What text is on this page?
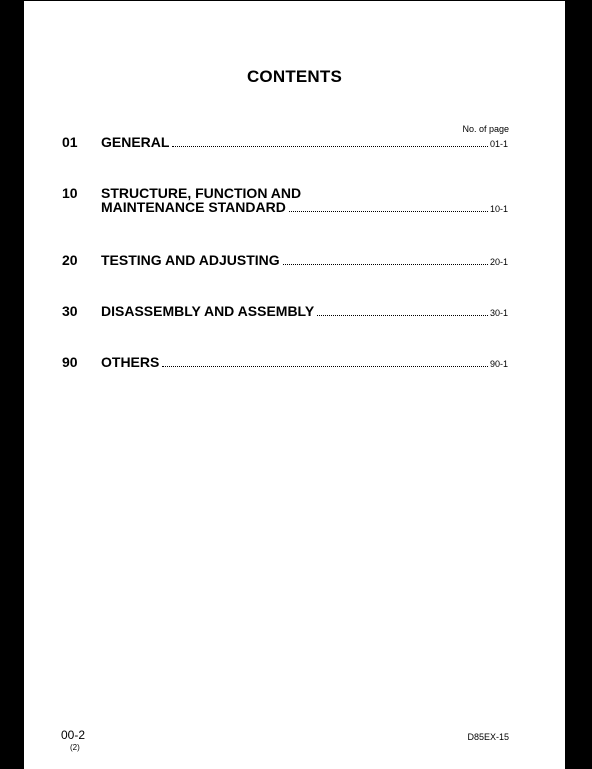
CONTENTS
No. of page
01 GENERAL	01-1
10 STRUCTURE, FUNCTION AND
MAINTENANCE STANDARD	10-1
20 TESTING AND ADJUSTING	20-1
30 DISASSEMBLY AND ASSEMBLY	30-1
90 OTHERS	90-1
00-2
(2)
D85EX-15
